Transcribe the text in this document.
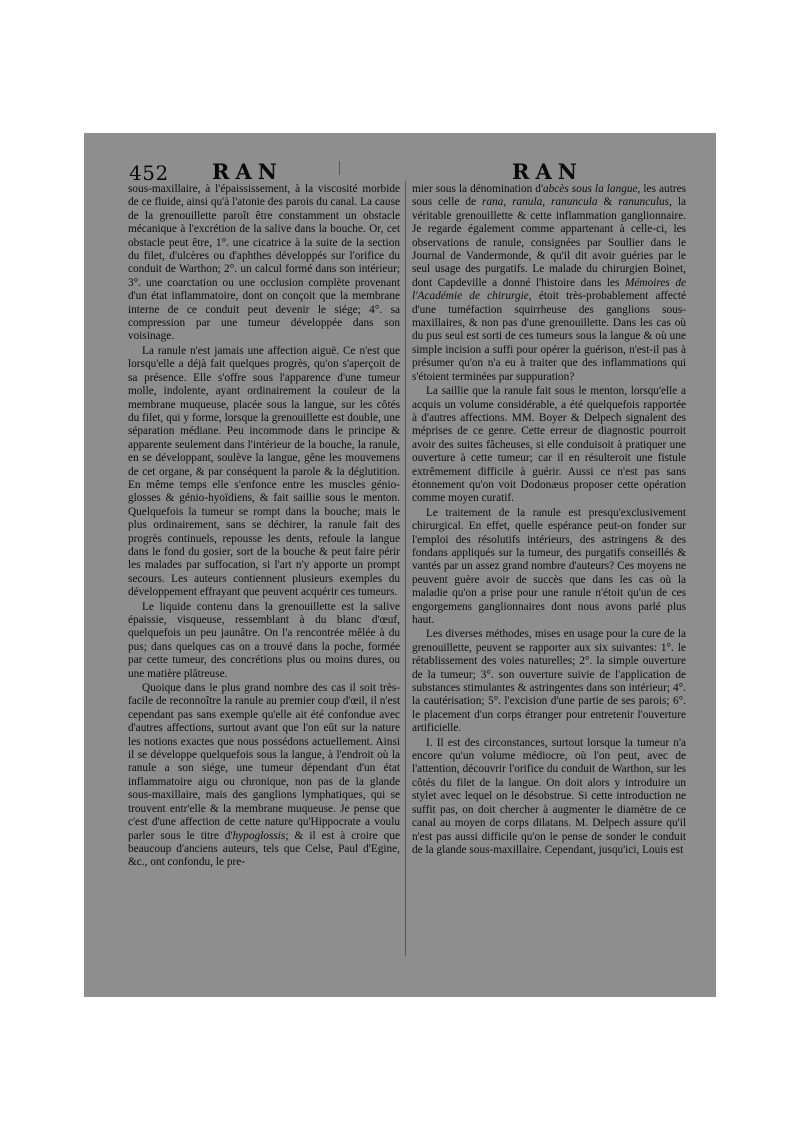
452 RAN	RAN

sous-maxillaire, à l'épaississement, à la viscosité morbide de ce fluide, ainsi qu'à l'atonie des parois du canal. La cause de la grenouillette paroît être constamment un obstacle mécanique à l'excrétion de la salive dans la bouche. Or, cet obstacle peut être, 1°. une cicatrice à la suite de la section du filet, d'ulcères ou d'aphthes développés sur l'orifice du conduit de Warthon; 2°. un calcul formé dans son intérieur; 3°. une coarctation ou une occlusion complète provenant d'un état inflammatoire, dont on conçoit que la membrane interne de ce conduit peut devenir le siége; 4°. sa compression par une tumeur développée dans son voisinage.

La ranule n'est jamais une affection aiguë. Ce n'est que lorsqu'elle a déjà fait quelques progrès, qu'on s'aperçoit de sa présence. Elle s'offre sous l'apparence d'une tumeur molle, indolente, ayant ordinairement la couleur de la membrane muqueuse, placée sous la langue, sur les côtés du filet, qui y forme, lorsque la grenouillette est double, une séparation médiane. Peu incommode dans le principe & apparente seulement dans l'intérieur de la bouche, la ranule, en se développant, soulève la langue, gêne les mouvemens de cet organe, & par conséquent la parole & la déglutition. En même temps elle s'enfonce entre les muscles génio-glosses & génio-hyoïdiens, & fait saillie sous le menton. Quelquefois la tumeur se rompt dans la bouche; mais le plus ordinairement, sans se déchirer, la ranule fait des progrès continuels, repousse les dents, refoule la langue dans le fond du gosier, sort de la bouche & peut faire périr les malades par suffocation, si l'art n'y apporte un prompt secours. Les auteurs contiennent plusieurs exemples du développement effrayant que peuvent acquérir ces tumeurs.

Le liquide contenu dans la grenouillette est la salive épaissie, visqueuse, ressemblant à du blanc d'œuf, quelquefois un peu jaunâtre. On l'a rencontrée mêlée à du pus; dans quelques cas on a trouvé dans la poche, formée par cette tumeur, des concrétions plus ou moins dures, ou une matière plâtreuse.

Quoique dans le plus grand nombre des cas il soit très-facile de reconnoître la ranule au premier coup d'œil, il n'est cependant pas sans exemple qu'elle ait été confondue avec d'autres affections, surtout avant que l'on eût sur la nature les notions exactes que nous possédons actuellement. Ainsi il se développe quelquefois sous la langue, à l'endroit où la ranule a son siége, une tumeur dépendant d'un état inflammatoire aigu ou chronique, non pas de la glande sous-maxillaire, mais des ganglions lymphatiques, qui se trouvent entr'elle & la membrane muqueuse. Je pense que c'est d'une affection de cette nature qu'Hippocrate a voulu parler sous le titre d'hypoglossis; & il est à croire que beaucoup d'anciens auteurs, tels que Celse, Paul d'Egine, &c., ont confondu, le pre-

mier sous la dénomination d'abcès sous la langue, les autres sous celle de rana, ranula, ranuncula & ranunculus, la véritable grenouillette & cette inflammation ganglionnaire. Je regarde également comme appartenant à celle-ci, les observations de ranule, consignées par Soullier dans le Journal de Vandermonde, & qu'il dit avoir guéries par le seul usage des purgatifs. Le malade du chirurgien Boinet, dont Capdeville a donné l'histoire dans les Mémoires de l'Académie de chirurgie, étoit très-probablement affecté d'une tuméfaction squirrheuse des ganglions sous-maxillaires, & non pas d'une grenouillette. Dans les cas où du pus seul est sorti de ces tumeurs sous la langue & où une simple incision a suffi pour opérer la guérison, n'est-il pas à présumer qu'on n'a eu à traiter que des inflammations qui s'étoient terminées par suppuration?

La saillie que la ranule fait sous le menton, lorsqu'elle a acquis un volume considérable, a été quelquefois rapportée à d'autres affections. MM. Boyer & Delpech signalent des méprises de ce genre. Cette erreur de diagnostic pourroit avoir des suites fâcheuses, si elle conduisoit à pratiquer une ouverture à cette tumeur; car il en résulteroit une fistule extrêmement difficile à guérir. Aussi ce n'est pas sans étonnement qu'on voit Dodonæus proposer cette opération comme moyen curatif.

Le traitement de la ranule est presqu'exclusivement chirurgical. En effet, quelle espérance peut-on fonder sur l'emploi des résolutifs intérieurs, des astringens & des fondans appliqués sur la tumeur, des purgatifs conseillés & vantés par un assez grand nombre d'auteurs? Ces moyens ne peuvent guère avoir de succès que dans les cas où la maladie qu'on a prise pour une ranule n'étoit qu'un de ces engorgemens ganglionnaires dont nous avons parlé plus haut.

Les diverses méthodes, mises en usage pour la cure de la grenouillette, peuvent se rapporter aux six suivantes: 1°. le rétablissement des voies naturelles; 2°. la simple ouverture de la tumeur; 3°. son ouverture suivie de l'application de substances stimulantes & astringentes dans son intérieur; 4°. la cautérisation; 5°. l'excision d'une partie de ses parois; 6°. le placement d'un corps étranger pour entretenir l'ouverture artificielle.

I. Il est des circonstances, surtout lorsque la tumeur n'a encore qu'un volume médiocre, où l'on peut, avec de l'attention, découvrir l'orifice du conduit de Warthon, sur les côtés du filet de la langue. On doit alors y introduire un stylet avec lequel on le désobstrue. Si cette introduction ne suffit pas, on doit chercher à augmenter le diamètre de ce canal au moyen de corps dilatans. M. Delpech assure qu'il n'est pas aussi difficile qu'on le pense de sonder le conduit de la glande sous-maxillaire. Cependant, jusqu'ici, Louis est
